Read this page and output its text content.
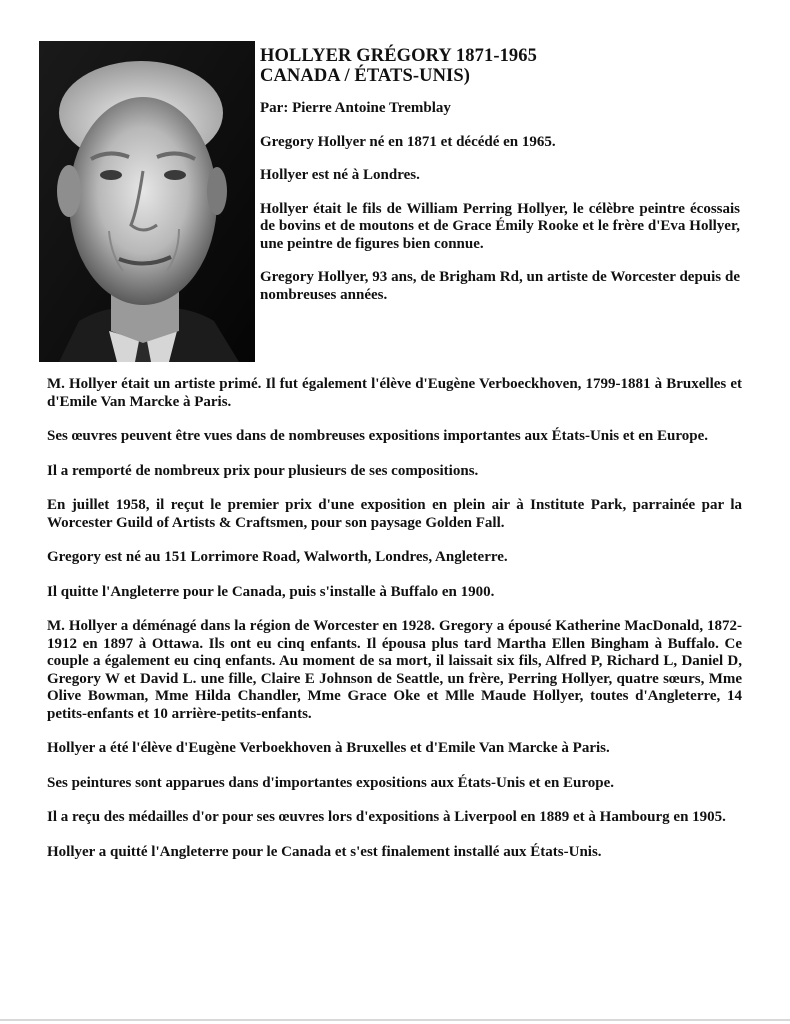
HOLLYER GRÉGORY 1871-1965
CANADA / ÉTATS-UNIS)

Par: Pierre Antoine Tremblay

Gregory Hollyer né en 1871 et décédé en 1965.

Hollyer est né à Londres.

Hollyer était le fils de William Perring Hollyer, le célèbre peintre écossais de bovins et de moutons et de Grace Émily Rooke et le frère d'Eva Hollyer, une peintre de figures bien connue.

Gregory Hollyer, 93 ans, de Brigham Rd, un artiste de Worcester depuis de nombreuses années.

M. Hollyer était un artiste primé. Il fut également l'élève d'Eugène Verboeckhoven, 1799-1881 à Bruxelles et d'Emile Van Marcke à Paris.

Ses œuvres peuvent être vues dans de nombreuses expositions importantes aux États-Unis et en Europe.

Il a remporté de nombreux prix pour plusieurs de ses compositions.

En juillet 1958, il reçut le premier prix d'une exposition en plein air à Institute Park, parrainée par la Worcester Guild of Artists & Craftsmen, pour son paysage Golden Fall.

Gregory est né au 151 Lorrimore Road, Walworth, Londres, Angleterre.

Il quitte l'Angleterre pour le Canada, puis s'installe à Buffalo en 1900.

M. Hollyer a déménagé dans la région de Worcester en 1928. Gregory a épousé Katherine MacDonald, 1872-1912 en 1897 à Ottawa. Ils ont eu cinq enfants. Il épousa plus tard Martha Ellen Bingham à Buffalo. Ce couple a également eu cinq enfants. Au moment de sa mort, il laissait six fils, Alfred P, Richard L, Daniel D, Gregory W et David L. une fille, Claire E Johnson de Seattle, un frère, Perring Hollyer, quatre sœurs, Mme Olive Bowman, Mme Hilda Chandler, Mme Grace Oke et Mlle Maude Hollyer, toutes d'Angleterre, 14 petits-enfants et 10 arrière-petits-enfants.

Hollyer a été l'élève d'Eugène Verboekhoven à Bruxelles et d'Emile Van Marcke à Paris.

Ses peintures sont apparues dans d'importantes expositions aux États-Unis et en Europe.

Il a reçu des médailles d'or pour ses œuvres lors d'expositions à Liverpool en 1889 et à Hambourg en 1905.

Hollyer a quitté l'Angleterre pour le Canada et s'est finalement installé aux États-Unis.
